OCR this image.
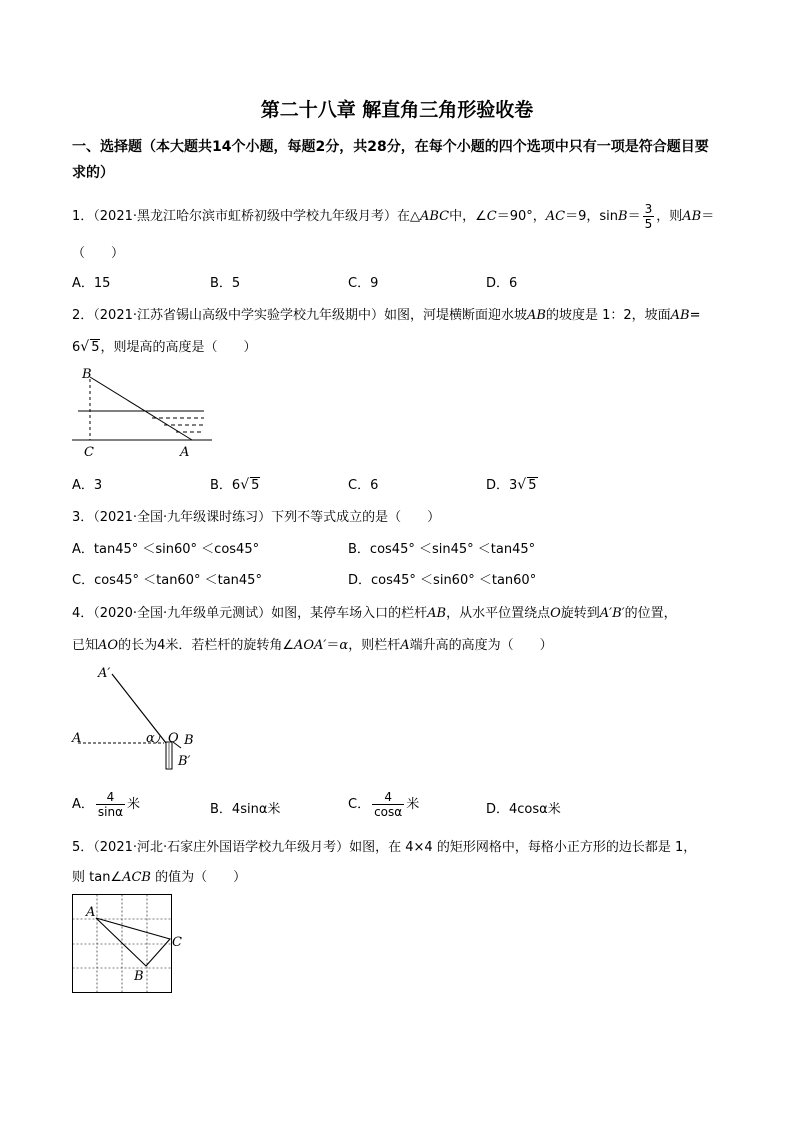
第二十八章 解直角三角形验收卷
一、选择题（本大题共14个小题，每题2分，共28分，在每个小题的四个选项中只有一项是符合题目要
求的）
1．（2021·黑龙江哈尔滨市虹桥初级中学校九年级月考）在△ABC中，∠C＝90°，AC＝9，$\sin B= \frac{3}{5}$ ，则AB＝
（　　）
A．15	B．5	C．9	D．6
2．（2021·江苏省锡山高级中学实验学校九年级期中）如图，河堤横断面迎水坡AB的坡度是 1：2，坡面AB=
6√ 5，则堤高的高度是（　　）
B
C	A
A．3	B．6√ 5	C．6	D．3√ 5
3．（2021·全国·九年级课时练习）下列不等式成立的是（　　）
A．tan45° ＜sin60° ＜cos45°	B．cos45° ＜sin45° ＜tan45°
C．cos45° ＜tan60° ＜tan45°	D．cos45° ＜sin60° ＜tan60°
4．（2020·全国·九年级单元测试）如图，某停车场入口的栏杆AB，从水平位置绕点O旋转到A′B′的位置，
已知AO的长为4米．若栏杆的旋转角∠AOA′＝α，则栏杆A端升高的高度为（　　）
A′
A	α O B
B′
A． $\frac{4}{\sin\alpha}$ 米	B．4sinα米	C． $\frac{4}{\cos\alpha}$ 米	D．4cosα米
5．（2021·河北·石家庄外国语学校九年级月考）如图，在 4×4 的矩形网格中，每格小正方形的边长都是 1，
则 tan∠ACB 的值为（　　）
A
C
B
